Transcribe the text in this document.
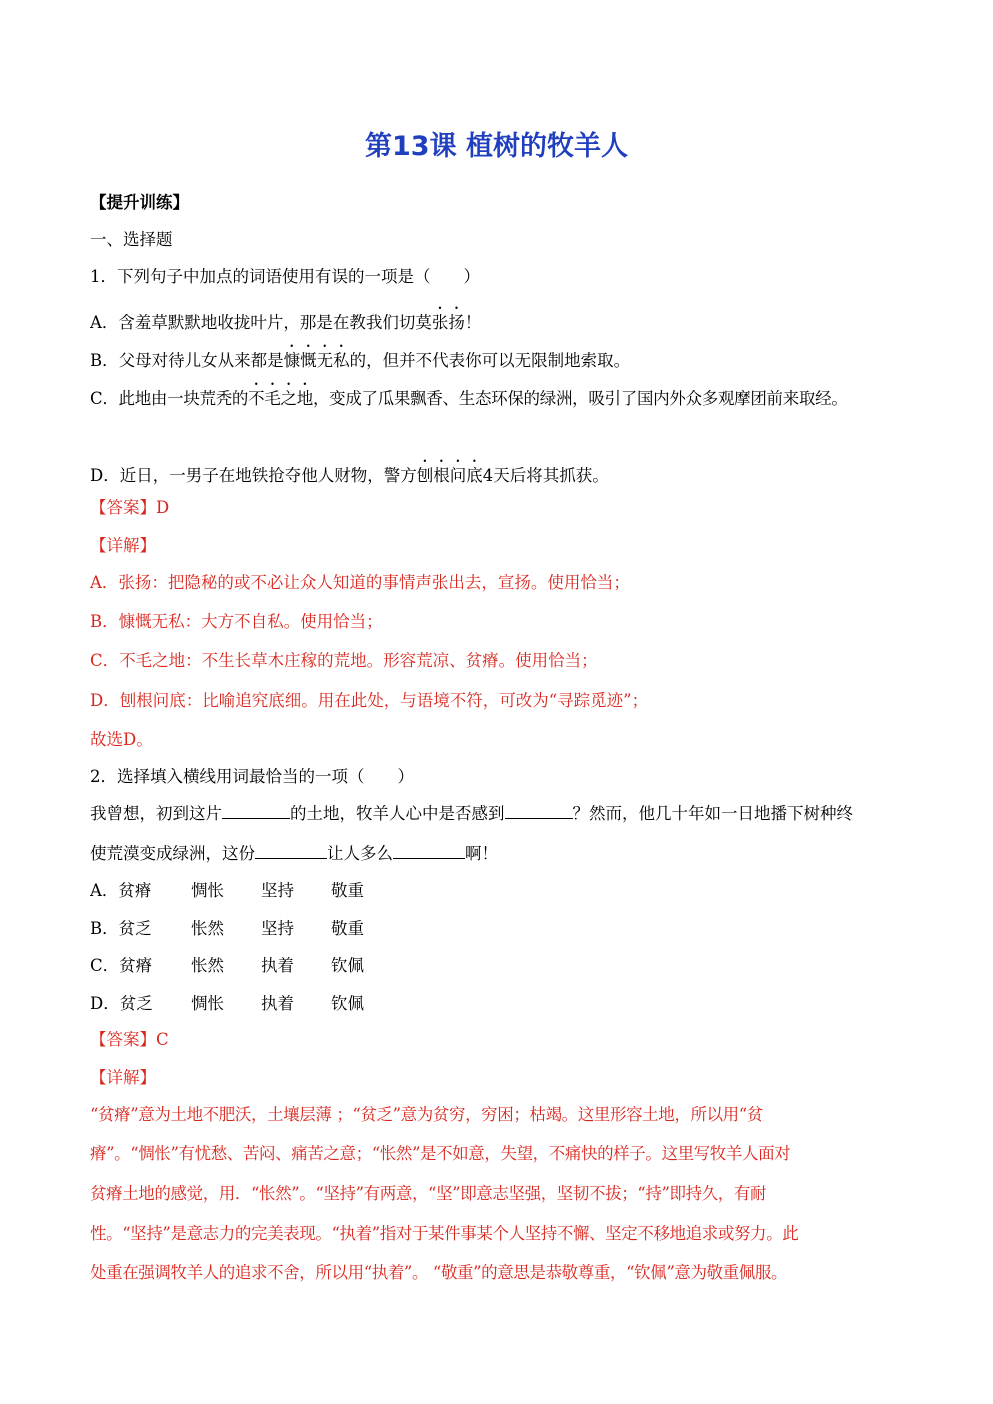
第13课 植树的牧羊人
【提升训练】
一、选择题
1．下列句子中加点的词语使用有误的一项是（　　）
A．含羞草默默地收拢叶片，那是在教我们切莫张扬！
B．父母对待儿女从来都是慷慨无私的，但并不代表你可以无限制地索取。
C．此地由一块荒秃的不毛之地，变成了瓜果飘香、生态环保的绿洲，吸引了国内外众多观摩团前来取经。
D．近日，一男子在地铁抢夺他人财物，警方刨根问底4天后将其抓获。
【答案】D
【详解】
A．张扬：把隐秘的或不必让众人知道的事情声张出去，宣扬。使用恰当；
B．慷慨无私：大方不自私。使用恰当；
C．不毛之地：不生长草木庄稼的荒地。形容荒凉、贫瘠。使用恰当；
D．刨根问底：比喻追究底细。用在此处，与语境不符，可改为“寻踪觅迹”；
故选D。
2．选择填入横线用词最恰当的一项（　　）
我曾想，初到这片	的土地，牧羊人心中是否感到	？然而，他几十年如一日地播下树种终
使荒漠变成绿洲，这份	让人多么	啊！
A．贫瘠 惆怅 坚持 敬重
B．贫乏 怅然 坚持 敬重
C．贫瘠 怅然 执着 钦佩
D．贫乏 惆怅 执着 钦佩
【答案】C
【详解】
“贫瘠”意为土地不肥沃，土壤层薄 ；“贫乏”意为贫穷，穷困；枯竭。这里形容土地，所以用“贫
瘠”。“惆怅”有忧愁、苦闷、痛苦之意；“怅然”是不如意，失望，不痛快的样子。这里写牧羊人面对
贫瘠土地的感觉，用．“怅然”。“坚持”有两意，“坚”即意志坚强，坚韧不拔；“持”即持久，有耐
性。“坚持”是意志力的完美表现。“执着”指对于某件事某个人坚持不懈、坚定不移地追求或努力。此
处重在强调牧羊人的追求不舍，所以用“执着”。 “敬重”的意思是恭敬尊重，“钦佩”意为敬重佩服。
